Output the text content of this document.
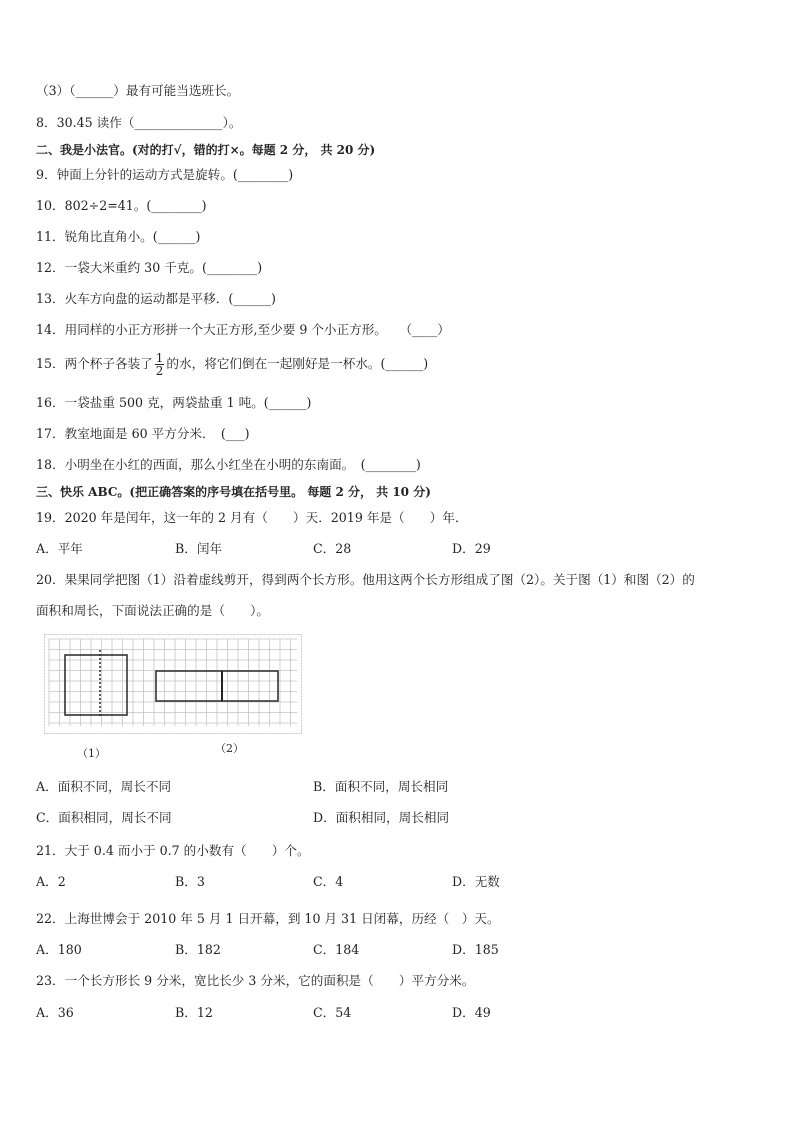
（3）（______）最有可能当选班长。
8．30.45 读作（______________）。
二、我是小法官。(对的打√，错的打×。每题 2 分， 共 20 分)
9．钟面上分针的运动方式是旋转。(________)
10．802÷2=41。(________)
11．锐角比直角小。(______)
12．一袋大米重约 30 千克。(________)
13．火车方向盘的运动都是平移．(______)
14．用同样的小正方形拼一个大正方形,至少要 9 个小正方形。　　（____）
15．两个杯子各装了 $\frac{1}{2}$ 的水，将它们倒在一起刚好是一杯水。(______)
16．一袋盐重 500 克，两袋盐重 1 吨。(______)
17．教室地面是 60 平方分米．　(___)
18．小明坐在小红的西面，那么小红坐在小明的东南面。　(________)
三、快乐 ABC。(把正确答案的序号填在括号里。 每题 2 分， 共 10 分)
19．2020 年是闰年，这一年的 2 月有（　　）天．2019 年是（　　）年．
A．平年	B．闰年	C．28	D．29
20．果果同学把图（1）沿着虚线剪开，得到两个长方形。他用这两个长方形组成了图（2）。关于图（1）和图（2）的
面积和周长，下面说法正确的是（　　）。
（1）	（2）
A．面积不同，周长不同	B．面积不同，周长相同
C．面积相同，周长不同	D．面积相同，周长相同
21．大于 0.4 而小于 0.7 的小数有（　　）个。
A．2	B．3	C．4	D．无数
22．上海世博会于 2010 年 5 月 1 日开幕，到 10 月 31 日闭幕，历经（　）天。
A．180	B．182	C．184	D．185
23．一个长方形长 9 分米，宽比长少 3 分米，它的面积是（　　）平方分米。
A．36	B．12	C．54	D．49
